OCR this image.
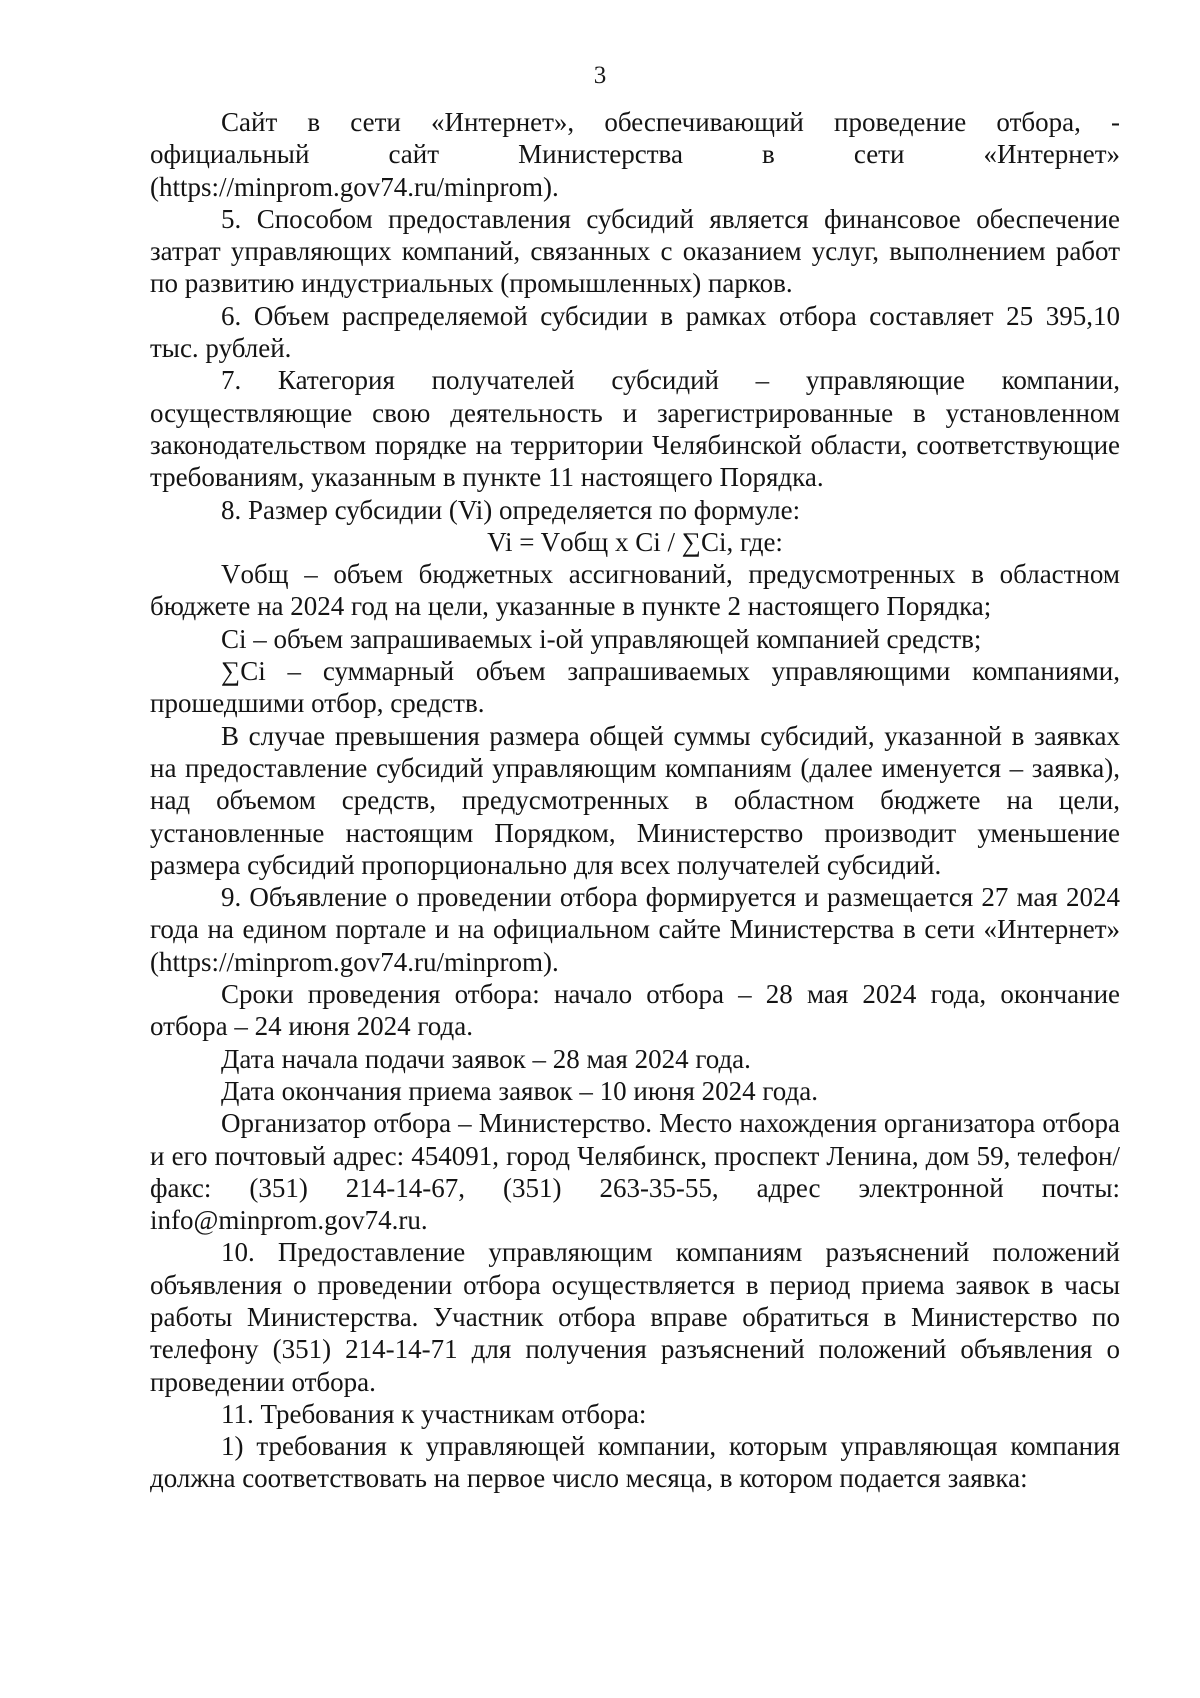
3

Сайт в сети «Интернет», обеспечивающий проведение отбора, - официальный сайт Министерства в сети «Интернет» (https://minprom.gov74.ru/minprom).

5. Способом предоставления субсидий является финансовое обеспечение затрат управляющих компаний, связанных с оказанием услуг, выполнением работ по развитию индустриальных (промышленных) парков.

6. Объем распределяемой субсидии в рамках отбора составляет 25 395,10 тыс. рублей.

7. Категория получателей субсидий – управляющие компании, осуществляющие свою деятельность и зарегистрированные в установленном законодательством порядке на территории Челябинской области, соответствующие требованиям, указанным в пункте 11 настоящего Порядка.

8. Размер субсидии (Vi) определяется по формуле:

Vi = Vобщ x Ci / ∑Ci, где:

Vобщ – объем бюджетных ассигнований, предусмотренных в областном бюджете на 2024 год на цели, указанные в пункте 2 настоящего Порядка;

Ci – объем запрашиваемых i-ой управляющей компанией средств;

∑Ci – суммарный объем запрашиваемых управляющими компаниями, прошедшими отбор, средств.

В случае превышения размера общей суммы субсидий, указанной в заявках на предоставление субсидий управляющим компаниям (далее именуется – заявка), над объемом средств, предусмотренных в областном бюджете на цели, установленные настоящим Порядком, Министерство производит уменьшение размера субсидий пропорционально для всех получателей субсидий.

9. Объявление о проведении отбора формируется и размещается 27 мая 2024 года на едином портале и на официальном сайте Министерства в сети «Интернет» (https://minprom.gov74.ru/minprom).

Сроки проведения отбора: начало отбора – 28 мая 2024 года, окончание отбора – 24 июня 2024 года.

Дата начала подачи заявок – 28 мая 2024 года.

Дата окончания приема заявок – 10 июня 2024 года.

Организатор отбора – Министерство. Место нахождения организатора отбора и его почтовый адрес: 454091, город Челябинск, проспект Ленина, дом 59, телефон/факс: (351) 214-14-67, (351) 263-35-55, адрес электронной почты: info@minprom.gov74.ru.

10. Предоставление управляющим компаниям разъяснений положений объявления о проведении отбора осуществляется в период приема заявок в часы работы Министерства. Участник отбора вправе обратиться в Министерство по телефону (351) 214-14-71 для получения разъяснений положений объявления о проведении отбора.

11. Требования к участникам отбора:

1) требования к управляющей компании, которым управляющая компания должна соответствовать на первое число месяца, в котором подается заявка:
